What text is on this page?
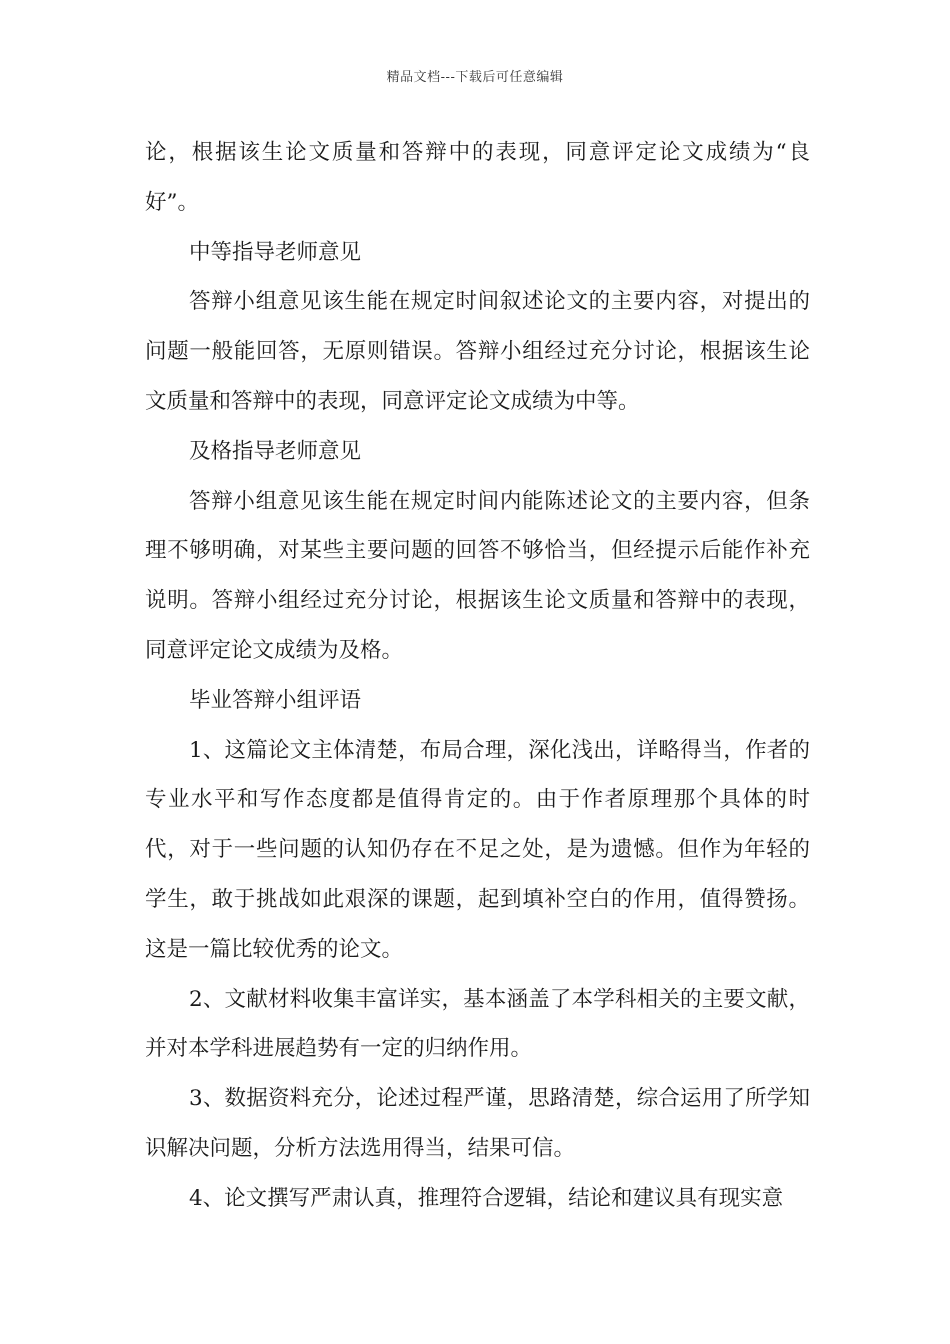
精品文档---下载后可任意编辑

论，根据该生论文质量和答辩中的表现，同意评定论文成绩为“良好”。

中等指导老师意见

答辩小组意见该生能在规定时间叙述论文的主要内容，对提出的问题一般能回答，无原则错误。答辩小组经过充分讨论，根据该生论文质量和答辩中的表现，同意评定论文成绩为中等。

及格指导老师意见

答辩小组意见该生能在规定时间内能陈述论文的主要内容，但条理不够明确，对某些主要问题的回答不够恰当，但经提示后能作补充说明。答辩小组经过充分讨论，根据该生论文质量和答辩中的表现，同意评定论文成绩为及格。

毕业答辩小组评语

1、这篇论文主体清楚，布局合理，深化浅出，详略得当，作者的专业水平和写作态度都是值得肯定的。由于作者原理那个具体的时代，对于一些问题的认知仍存在不足之处，是为遗憾。但作为年轻的学生，敢于挑战如此艰深的课题，起到填补空白的作用，值得赞扬。这是一篇比较优秀的论文。

2、文献材料收集丰富详实，基本涵盖了本学科相关的主要文献，并对本学科进展趋势有一定的归纳作用。

3、数据资料充分，论述过程严谨，思路清楚，综合运用了所学知识解决问题，分析方法选用得当，结果可信。

4、论文撰写严肃认真，推理符合逻辑，结论和建议具有现实意
